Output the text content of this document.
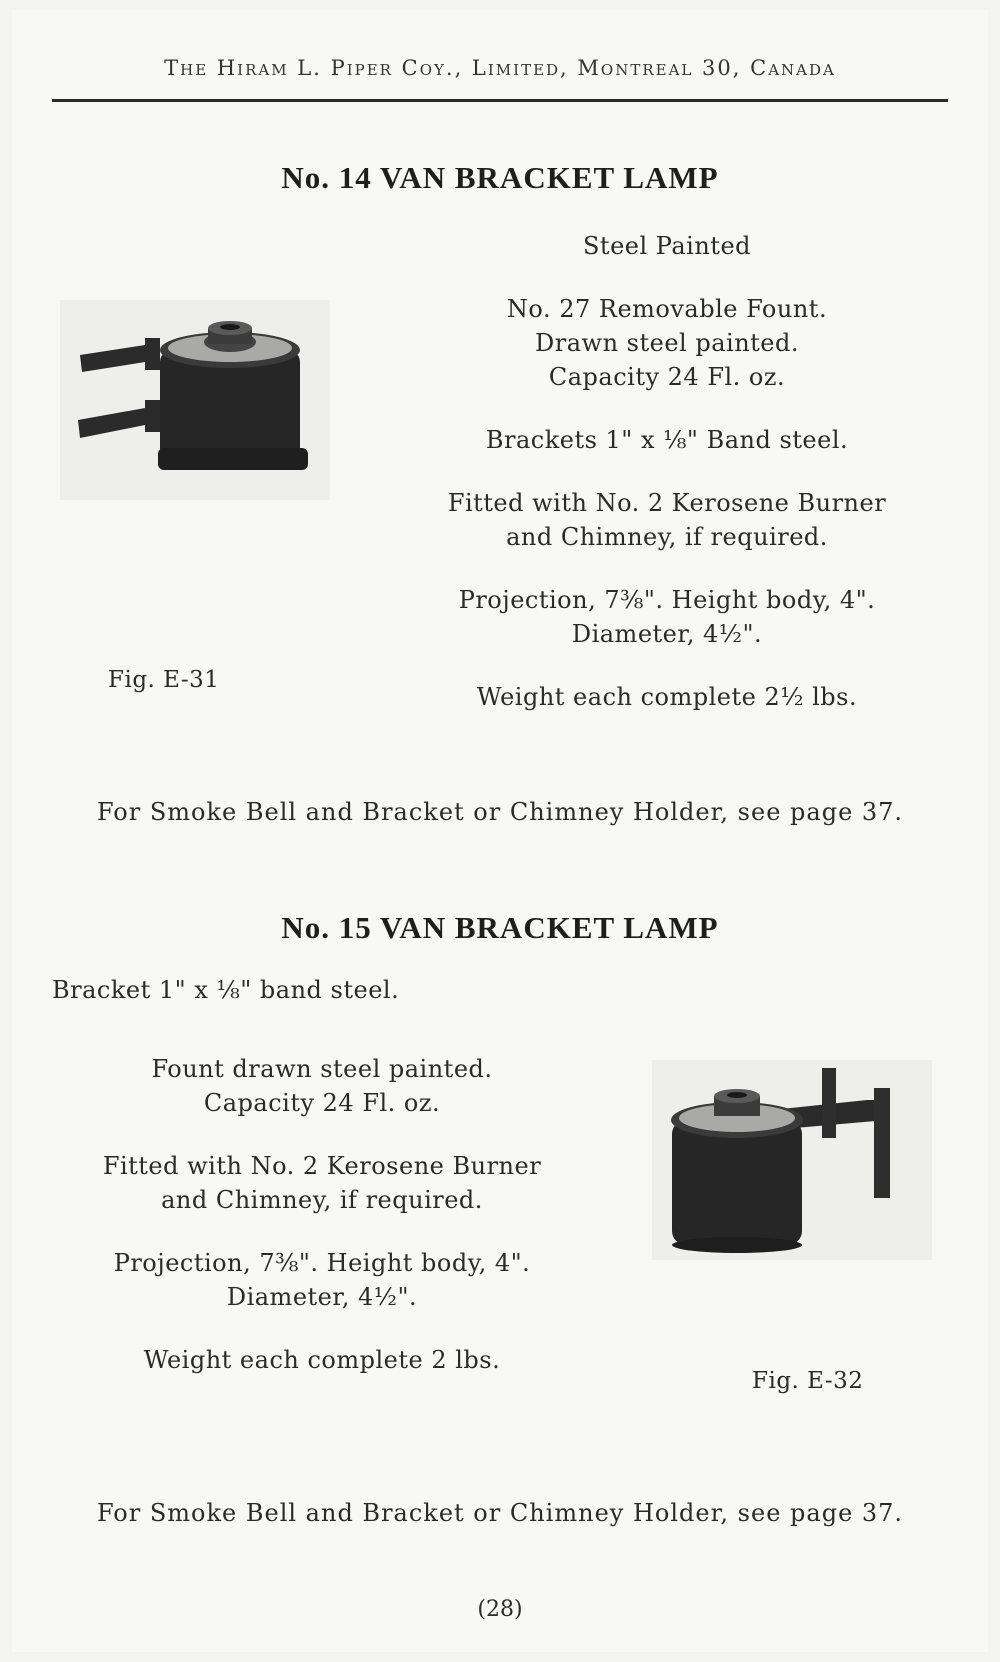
The Hiram L. Piper Coy., Limited, Montreal 30, Canada
No. 14 VAN BRACKET LAMP

Steel Painted

No. 27 Removable Fount.
Drawn steel painted.
Capacity 24 Fl. oz.

Brackets 1" x ⅛" Band steel.

Fitted with No. 2 Kerosene Burner
and Chimney, if required.

Projection, 7⅜". Height body, 4".
Diameter, 4½".

Weight each complete 2½ lbs.

Fig. E-31
For Smoke Bell and Bracket or Chimney Holder, see page 37.
No. 15 VAN BRACKET LAMP
Bracket 1" x ⅛" band steel.

Fount drawn steel painted.
Capacity 24 Fl. oz.

Fitted with No. 2 Kerosene Burner
and Chimney, if required.

Projection, 7⅜". Height body, 4".
Diameter, 4½".

Weight each complete 2 lbs.

Fig. E-32
For Smoke Bell and Bracket or Chimney Holder, see page 37.
(28)
